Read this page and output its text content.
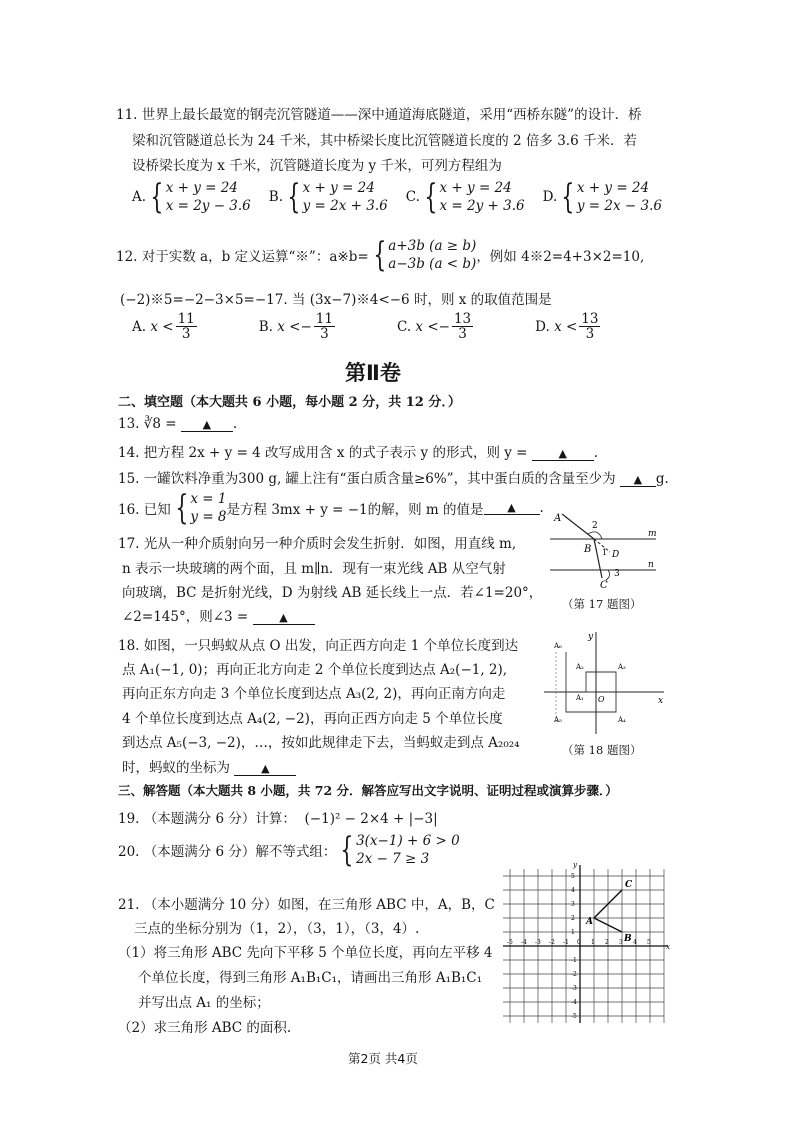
11. 世界上最长最宽的钢壳沉管隧道——深中通道海底隧道，采用“西桥东隧”的设计．桥
梁和沉管隧道总长为 24 千米，其中桥梁长度比沉管隧道长度的 2 倍多 3.6 千米．若
设桥梁长度为 x 千米，沉管隧道长度为 y 千米，可列方程组为
A. { x + y = 24
x = 2y − 3.6
B. { x + y = 24
y = 2x + 3.6
C. { x + y = 24
x = 2y + 3.6
D. { x + y = 24
y = 2x − 3.6
12. 对于实数 a，b 定义运算“※”：a※b= { a+3b (a ≥ b)
a−3b (a < b) ，例如 4※2=4+3×2=10,
(−2)※5=−2−3×5=−17. 当 (3x−7)※4<−6 时，则 x 的取值范围是
A.
$x < \frac{11}{3}$	B.
$x <- \frac{11}{3}$	C.
$x <- \frac{13}{3}$	D.
$x < \frac{13}{3}$
第Ⅱ卷
二、填空题（本大题共 6 小题，每小题 2 分，共 12 分．）
13. ∛8 = ▲ .
14. 把方程 2x + y = 4 改写成用含 x 的式子表示 y 的形式，则 y =	▲ .
15. 一罐饮料净重为300 g, 罐上注有“蛋白质含量≥6%”，其中蛋白质的含量至少为 ▲ g.
16. 已知 { x = 1
y = 8 是方程 3mx + y = −1的解，则 m 的值是	▲	.
17. 光从一种介质射向另一种介质时会发生折射．如图，用直线 m,
n 表示一块玻璃的两个面，且 m∥n．现有一束光线 AB 从空气射
向玻璃，BC 是折射光线，D 为射线 AB 延长线上一点．若∠1=20°，
∠2=145°，则∠3 =	▲
A
B
C
D
m
n
1
2
3
（第 17 题图）
18. 如图，一只蚂蚁从点 O 出发，向正西方向走 1 个单位长度到达
点 A₁(−1, 0)；再向正北方向走 2 个单位长度到达点 A₂(−1, 2),
再向正东方向走 3 个单位长度到达点 A₃(2, 2)，再向正南方向走
4 个单位长度到达点 A₄(2, −2)，再向正西方向走 5 个单位长度
到达点 A₅(−3, −2)，…，按如此规律走下去，当蚂蚁走到点 A₂₀₂₄
时，蚂蚁的坐标为	▲
x
y
O
A₁
A₂	A₃
A₄
A₅
A₆
（第 18 题图）
三、解答题（本大题共 8 小题，共 72 分．解答应写出文字说明、证明过程或演算步骤．）
19. （本题满分 6 分）计算： (−1)² − 2×4 + |−3|
20. （本题满分 6 分）解不等式组： { 3(x−1) + 6 > 0
2x − 7 ≥ 3
21. （本小题满分 10 分）如图，在三角形 ABC 中，A，B，C
三点的坐标分别为（1，2），（3，1），（3，4）.
（1）将三角形 ABC 先向下平移 5 个单位长度，再向左平移 4
个单位长度，得到三角形 A₁B₁C₁，请画出三角形 A₁B₁C₁
并写出点 A₁ 的坐标；
（2）求三角形 ABC 的面积.
-5 -4 -3 -2 -1 0 1 2 3 4 5
5
4
3
2
1
-1
-2
-3
-4
-5
x
y
A
B
C
第2页 共4页
